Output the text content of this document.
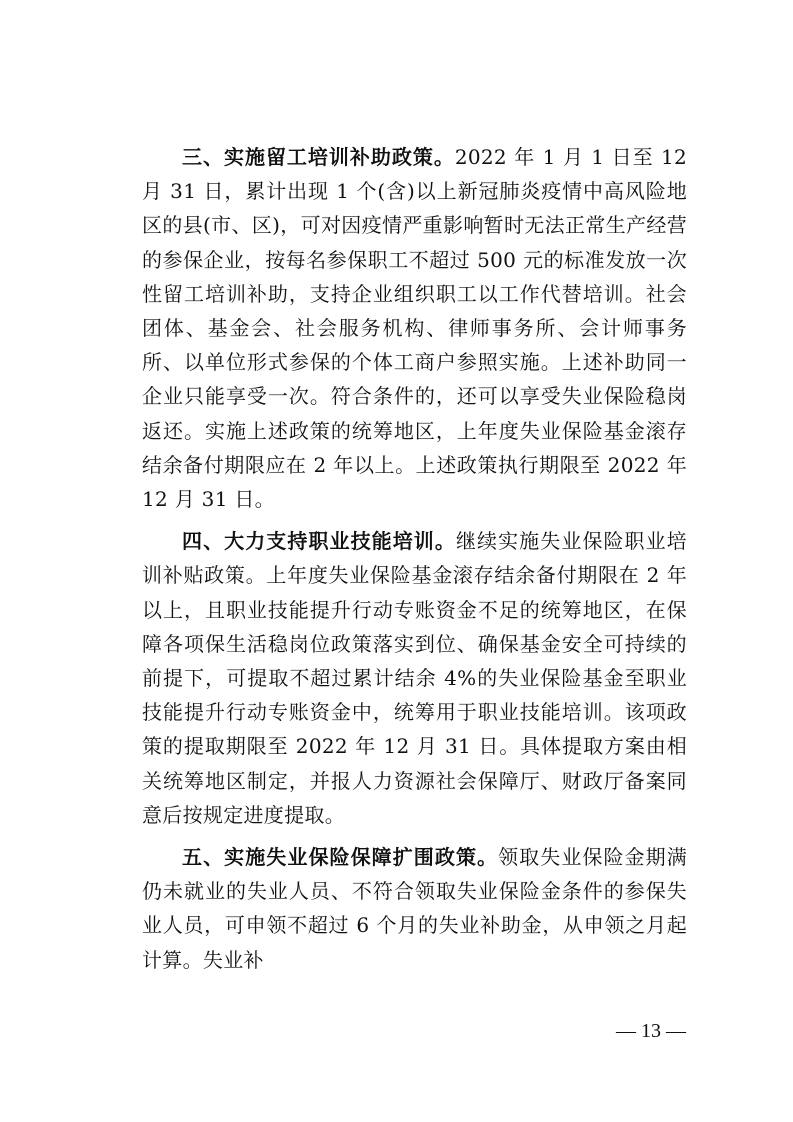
三、实施留工培训补助政策。2022 年 1 月 1 日至 12 月 31 日，累计出现 1 个(含)以上新冠肺炎疫情中高风险地区的县(市、区)，可对因疫情严重影响暂时无法正常生产经营的参保企业，按每名参保职工不超过 500 元的标准发放一次性留工培训补助，支持企业组织职工以工作代替培训。社会团体、基金会、社会服务机构、律师事务所、会计师事务所、以单位形式参保的个体工商户参照实施。上述补助同一企业只能享受一次。符合条件的，还可以享受失业保险稳岗返还。实施上述政策的统筹地区，上年度失业保险基金滚存结余备付期限应在 2 年以上。上述政策执行期限至 2022 年 12 月 31 日。

四、大力支持职业技能培训。继续实施失业保险职业培训补贴政策。上年度失业保险基金滚存结余备付期限在 2 年以上，且职业技能提升行动专账资金不足的统筹地区，在保障各项保生活稳岗位政策落实到位、确保基金安全可持续的前提下，可提取不超过累计结余 4%的失业保险基金至职业技能提升行动专账资金中，统筹用于职业技能培训。该项政策的提取期限至 2022 年 12 月 31 日。具体提取方案由相关统筹地区制定，并报人力资源社会保障厅、财政厅备案同意后按规定进度提取。

五、实施失业保险保障扩围政策。领取失业保险金期满仍未就业的失业人员、不符合领取失业保险金条件的参保失业人员，可申领不超过 6 个月的失业补助金，从申领之月起计算。失业补

— 13 —
